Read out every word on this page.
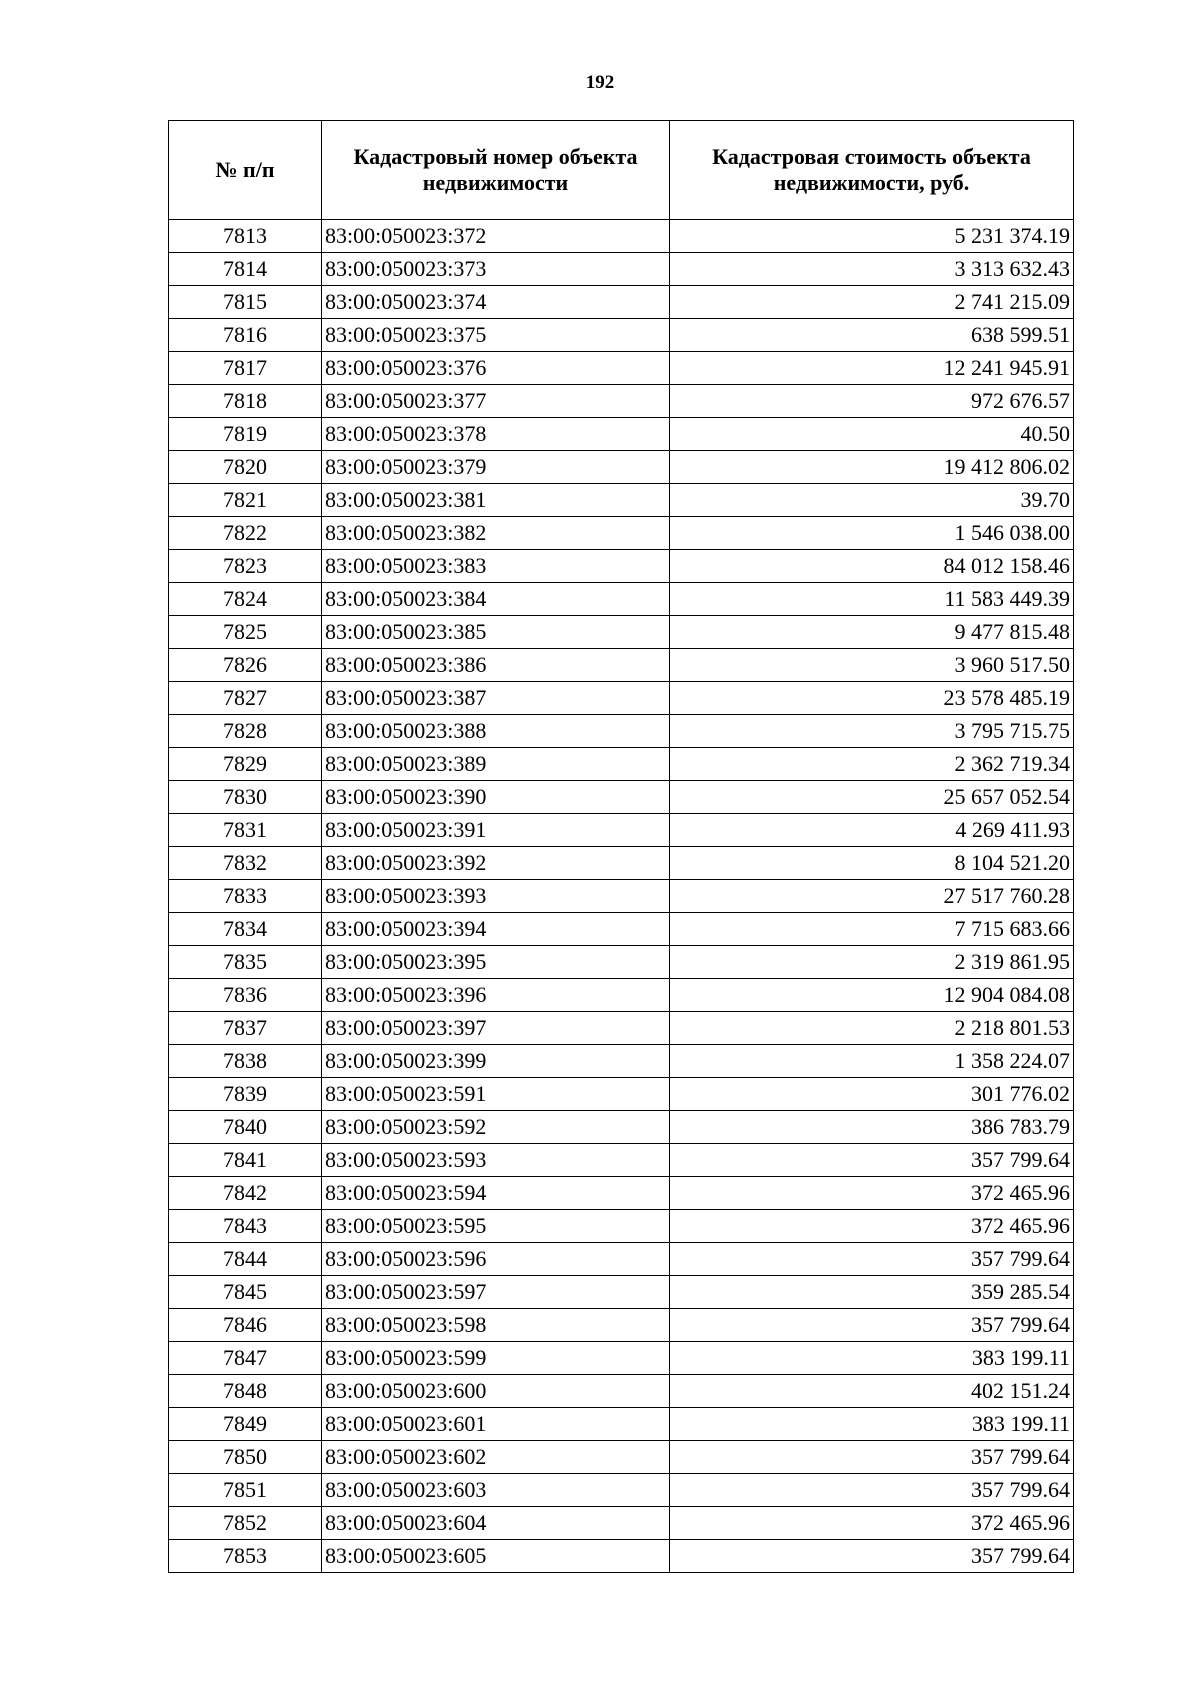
192
№ п/п	Кадастровый номер объекта недвижимости	Кадастровая стоимость объекта недвижимости, руб.
7813	83:00:050023:372	5 231 374.19
7814	83:00:050023:373	3 313 632.43
7815	83:00:050023:374	2 741 215.09
7816	83:00:050023:375	638 599.51
7817	83:00:050023:376	12 241 945.91
7818	83:00:050023:377	972 676.57
7819	83:00:050023:378	40.50
7820	83:00:050023:379	19 412 806.02
7821	83:00:050023:381	39.70
7822	83:00:050023:382	1 546 038.00
7823	83:00:050023:383	84 012 158.46
7824	83:00:050023:384	11 583 449.39
7825	83:00:050023:385	9 477 815.48
7826	83:00:050023:386	3 960 517.50
7827	83:00:050023:387	23 578 485.19
7828	83:00:050023:388	3 795 715.75
7829	83:00:050023:389	2 362 719.34
7830	83:00:050023:390	25 657 052.54
7831	83:00:050023:391	4 269 411.93
7832	83:00:050023:392	8 104 521.20
7833	83:00:050023:393	27 517 760.28
7834	83:00:050023:394	7 715 683.66
7835	83:00:050023:395	2 319 861.95
7836	83:00:050023:396	12 904 084.08
7837	83:00:050023:397	2 218 801.53
7838	83:00:050023:399	1 358 224.07
7839	83:00:050023:591	301 776.02
7840	83:00:050023:592	386 783.79
7841	83:00:050023:593	357 799.64
7842	83:00:050023:594	372 465.96
7843	83:00:050023:595	372 465.96
7844	83:00:050023:596	357 799.64
7845	83:00:050023:597	359 285.54
7846	83:00:050023:598	357 799.64
7847	83:00:050023:599	383 199.11
7848	83:00:050023:600	402 151.24
7849	83:00:050023:601	383 199.11
7850	83:00:050023:602	357 799.64
7851	83:00:050023:603	357 799.64
7852	83:00:050023:604	372 465.96
7853	83:00:050023:605	357 799.64
